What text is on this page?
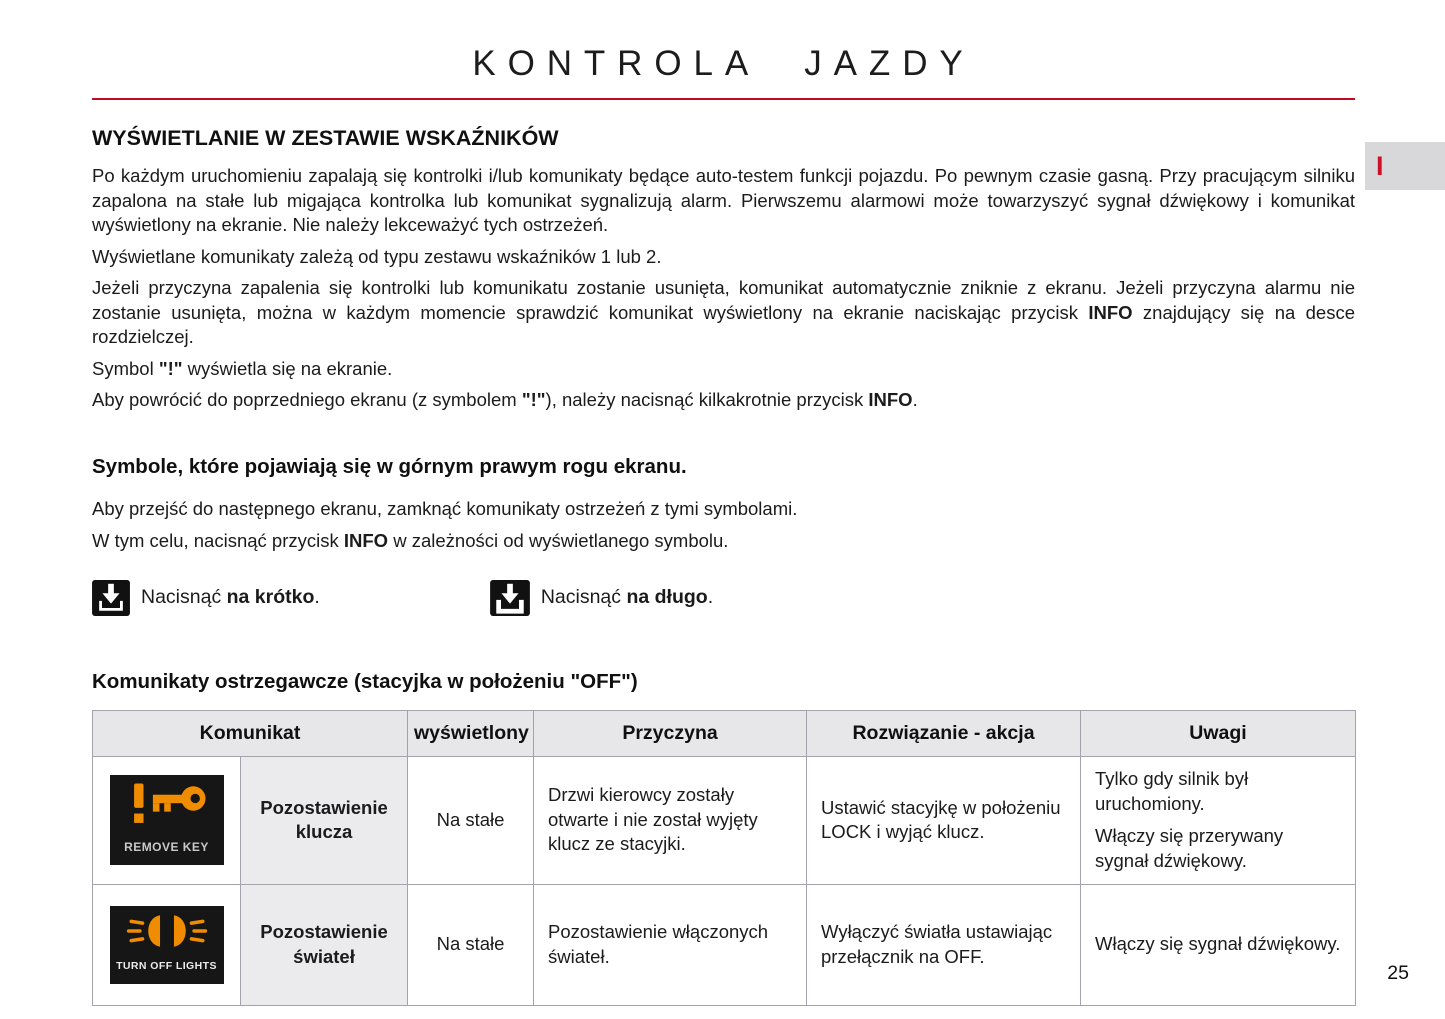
I
KONTROLA JAZDY
WYŚWIETLANIE W ZESTAWIE WSKAŹNIKÓW

Po każdym uruchomieniu zapalają się kontrolki i/lub komunikaty będące auto-testem funkcji pojazdu. Po pewnym czasie gasną. Przy pracującym silniku zapalona na stałe lub migająca kontrolka lub komunikat sygnalizują alarm. Pierwszemu alarmowi może towarzyszyć sygnał dźwiękowy i komunikat wyświetlony na ekranie. Nie należy lekceważyć tych ostrzeżeń.

Wyświetlane komunikaty zależą od typu zestawu wskaźników 1 lub 2.

Jeżeli przyczyna zapalenia się kontrolki lub komunikatu zostanie usunięta, komunikat automatycznie zniknie z ekranu. Jeżeli przyczyna alarmu nie zostanie usunięta, można w każdym momencie sprawdzić komunikat wyświetlony na ekranie naciskając przycisk INFO znajdujący się na desce rozdzielczej.

Symbol "!" wyświetla się na ekranie.

Aby powrócić do poprzedniego ekranu (z symbolem "!"), należy nacisnąć kilkakrotnie przycisk INFO.

Symbole, które pojawiają się w górnym prawym rogu ekranu.

Aby przejść do następnego ekranu, zamknąć komunikaty ostrzeżeń z tymi symbolami.

W tym celu, nacisnąć przycisk INFO w zależności od wyświetlanego symbolu.

Nacisnąć na krótko.	Nacisnąć na długo.
Komunikaty ostrzegawcze (stacyjka w położeniu "OFF")
Komunikat		wyświetlony	Przyczyna	Rozwiązanie - akcja	Uwagi

REMOVE KEY	Pozostawienie klucza	Na stałe	Drzwi kierowcy zostały otwarte i nie został wyjęty klucz ze stacyjki.	Ustawić stacyjkę w położeniu LOCK i wyjąć klucz.	Tylko gdy silnik był uruchomiony.

Włączy się przerywany sygnał dźwiękowy.

TURN OFF LIGHTS	Pozostawienie świateł	Na stałe	Pozostawienie włączonych świateł.	Wyłączyć światła ustawiając przełącznik na OFF.	Włączy się sygnał dźwiękowy.

25
